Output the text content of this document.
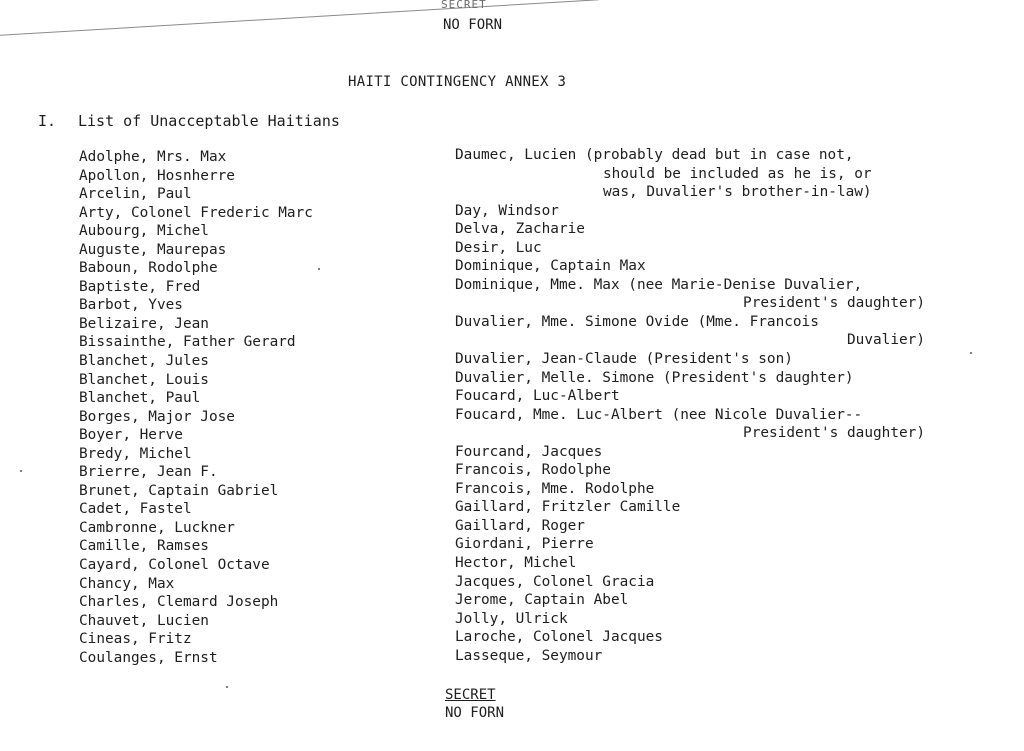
SECRET
NO FORN
HAITI CONTINGENCY ANNEX 3
I. List of Unacceptable Haitians
Adolphe, Mrs. Max
Apollon, Hosnherre
Arcelin, Paul
Arty, Colonel Frederic Marc
Aubourg, Michel
Auguste, Maurepas
Baboun, Rodolphe
Baptiste, Fred
Barbot, Yves
Belizaire, Jean
Bissainthe, Father Gerard
Blanchet, Jules
Blanchet, Louis
Blanchet, Paul
Borges, Major Jose
Boyer, Herve
Bredy, Michel
Brierre, Jean F.
Brunet, Captain Gabriel
Cadet, Fastel
Cambronne, Luckner
Camille, Ramses
Cayard, Colonel Octave
Chancy, Max
Charles, Clemard Joseph
Chauvet, Lucien
Cineas, Fritz
Coulanges, Ernst
Daumec, Lucien (probably dead but in case not,
should be included as he is, or
was, Duvalier's brother-in-law)
Day, Windsor
Delva, Zacharie
Desir, Luc
Dominique, Captain Max
Dominique, Mme. Max (nee Marie-Denise Duvalier,
President's daughter)
Duvalier, Mme. Simone Ovide (Mme. Francois
Duvalier)
Duvalier, Jean-Claude (President's son)
Duvalier, Melle. Simone (President's daughter)
Foucard, Luc-Albert
Foucard, Mme. Luc-Albert (nee Nicole Duvalier--
President's daughter)
Fourcand, Jacques
Francois, Rodolphe
Francois, Mme. Rodolphe
Gaillard, Fritzler Camille
Gaillard, Roger
Giordani, Pierre
Hector, Michel
Jacques, Colonel Gracia
Jerome, Captain Abel
Jolly, Ulrick
Laroche, Colonel Jacques
Lasseque, Seymour
SECRET
NO FORN
